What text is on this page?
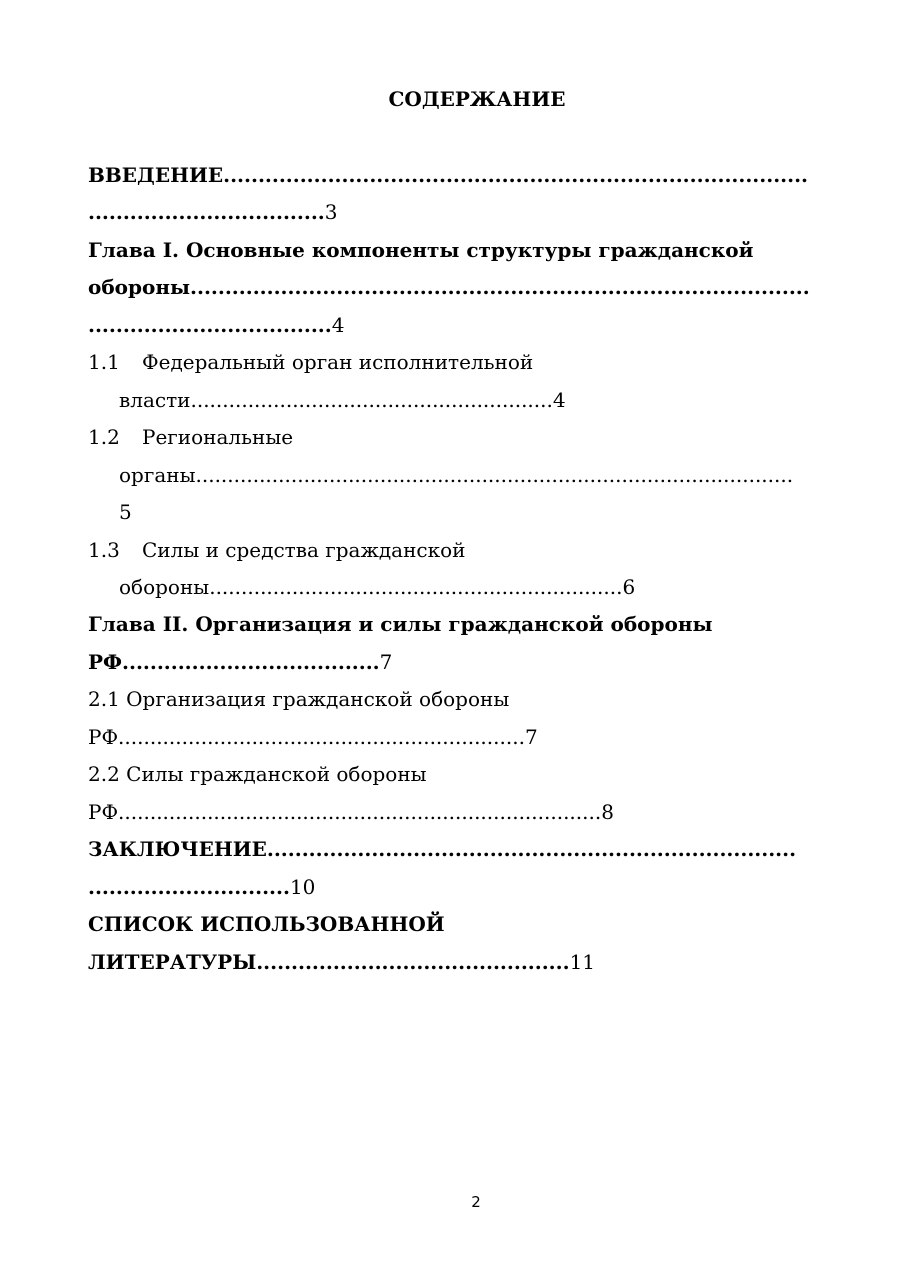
СОДЕРЖАНИЕ
ВВЕДЕНИЕ....................................................................................
..................................3
Глава I. Основные компоненты структуры гражданской
обороны.........................................................................................
...................................4
1.1 Федеральный орган исполнительной
власти.........................................................4
1.2 Региональные
органы..............................................................................................
5
1.3 Силы и средства гражданской
обороны.................................................................6
Глава II. Организация и силы гражданской обороны
РФ.....................................7
2.1 Организация гражданской обороны
РФ................................................................7
2.2 Силы гражданской обороны
РФ............................................................................8
ЗАКЛЮЧЕНИЕ............................................................................
.............................10
СПИСОК ИСПОЛЬЗОВАННОЙ
ЛИТЕРАТУРЫ.............................................11
2
